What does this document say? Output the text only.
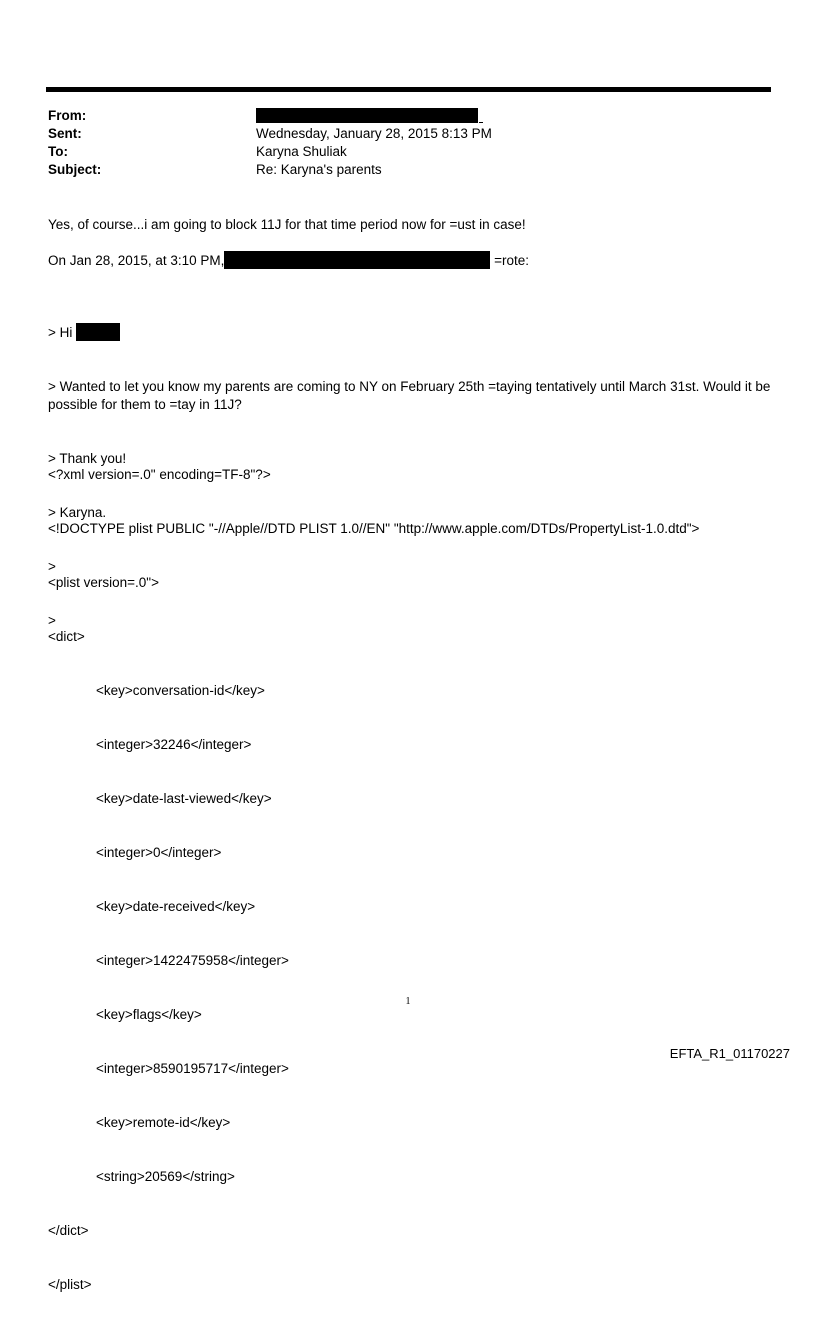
From:
Sent:	Wednesday, January 28, 2015 8:13 PM
To:	Karyna Shuliak
Subject:	Re: Karyna's parents
Yes, of course...i am going to block 11J for that time period now for =ust in case!
On Jan 28, 2015, at 3:10 PM,	=rote:

> Hi

> Wanted to let you know my parents are coming to NY on February 25th =taying tentatively until March 31st. Would it be possible for them to =tay in 11J?

> Thank you!

> Karyna.

>

>

<?xml version=.0" encoding=TF-8"?>

<!DOCTYPE plist PUBLIC "-//Apple//DTD PLIST 1.0//EN" "http://www.apple.com/DTDs/PropertyList-1.0.dtd">

<plist version=.0">

<dict>

<key>conversation-id</key>

<integer>32246</integer>

<key>date-last-viewed</key>

<integer>0</integer>

<key>date-received</key>

<integer>1422475958</integer>

<key>flags</key>

<integer>8590195717</integer>

<key>remote-id</key>

<string>20569</string>

</dict>

</plist>

1
EFTA_R1_01170227
